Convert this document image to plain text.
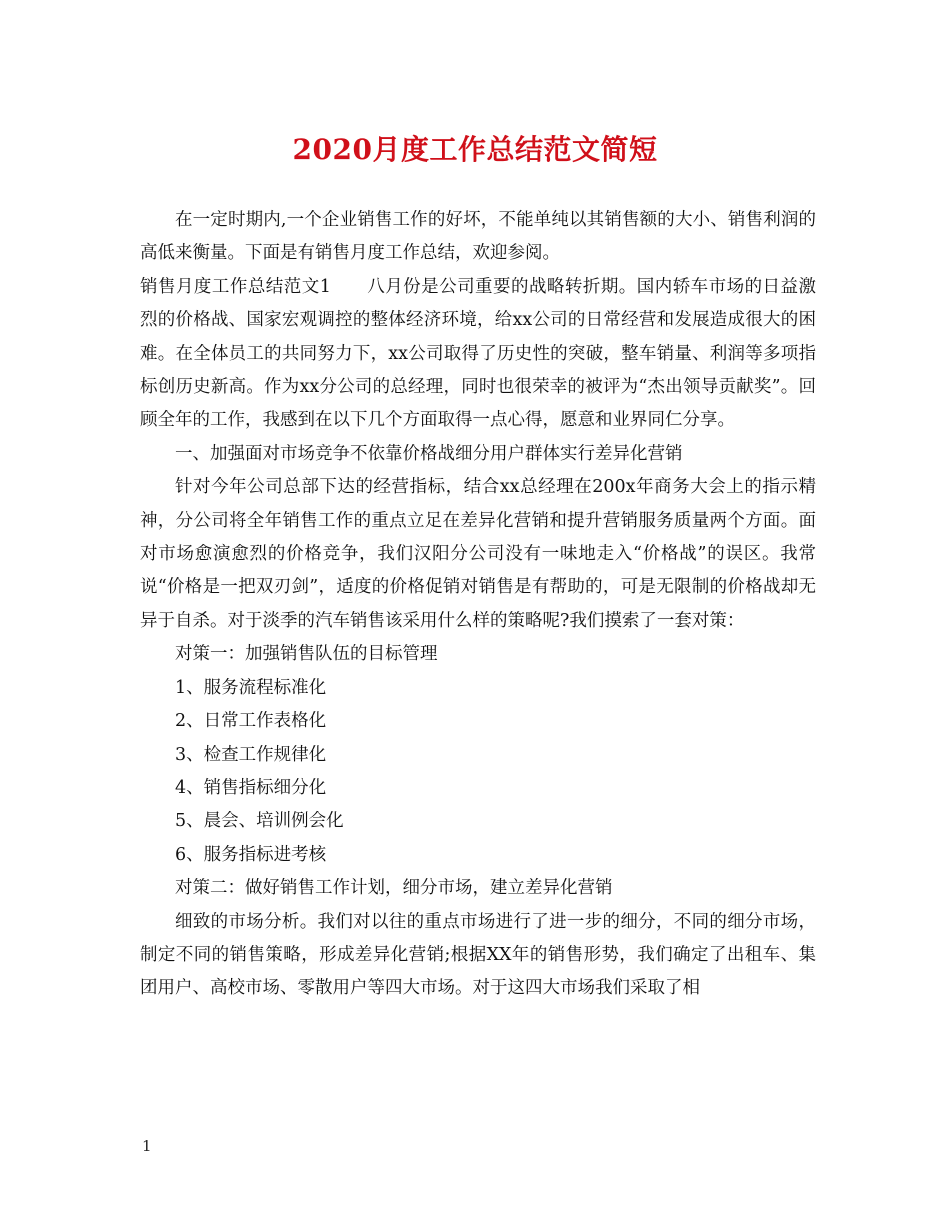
2020月度工作总结范文简短

在一定时期内,一个企业销售工作的好坏，不能单纯以其销售额的大小、销售利润的高低来衡量。下面是有销售月度工作总结，欢迎参阅。

销售月度工作总结范文1　　八月份是公司重要的战略转折期。国内轿车市场的日益激烈的价格战、国家宏观调控的整体经济环境，给xx公司的日常经营和发展造成很大的困难。在全体员工的共同努力下，xx公司取得了历史性的突破，整车销量、利润等多项指标创历史新高。作为xx分公司的总经理，同时也很荣幸的被评为“杰出领导贡献奖”。回顾全年的工作，我感到在以下几个方面取得一点心得，愿意和业界同仁分享。

一、加强面对市场竞争不依靠价格战细分用户群体实行差异化营销

针对今年公司总部下达的经营指标，结合xx总经理在200x年商务大会上的指示精神，分公司将全年销售工作的重点立足在差异化营销和提升营销服务质量两个方面。面对市场愈演愈烈的价格竞争，我们汉阳分公司没有一味地走入“价格战”的误区。我常说“价格是一把双刃剑”，适度的价格促销对销售是有帮助的，可是无限制的价格战却无异于自杀。对于淡季的汽车销售该采用什么样的策略呢?我们摸索了一套对策：

对策一：加强销售队伍的目标管理

1、服务流程标准化

2、日常工作表格化

3、检查工作规律化

4、销售指标细分化

5、晨会、培训例会化

6、服务指标进考核

对策二：做好销售工作计划，细分市场，建立差异化营销

细致的市场分析。我们对以往的重点市场进行了进一步的细分，不同的细分市场，制定不同的销售策略，形成差异化营销;根据XX年的销售形势，我们确定了出租车、集团用户、高校市场、零散用户等四大市场。对于这四大市场我们采取了相

1
